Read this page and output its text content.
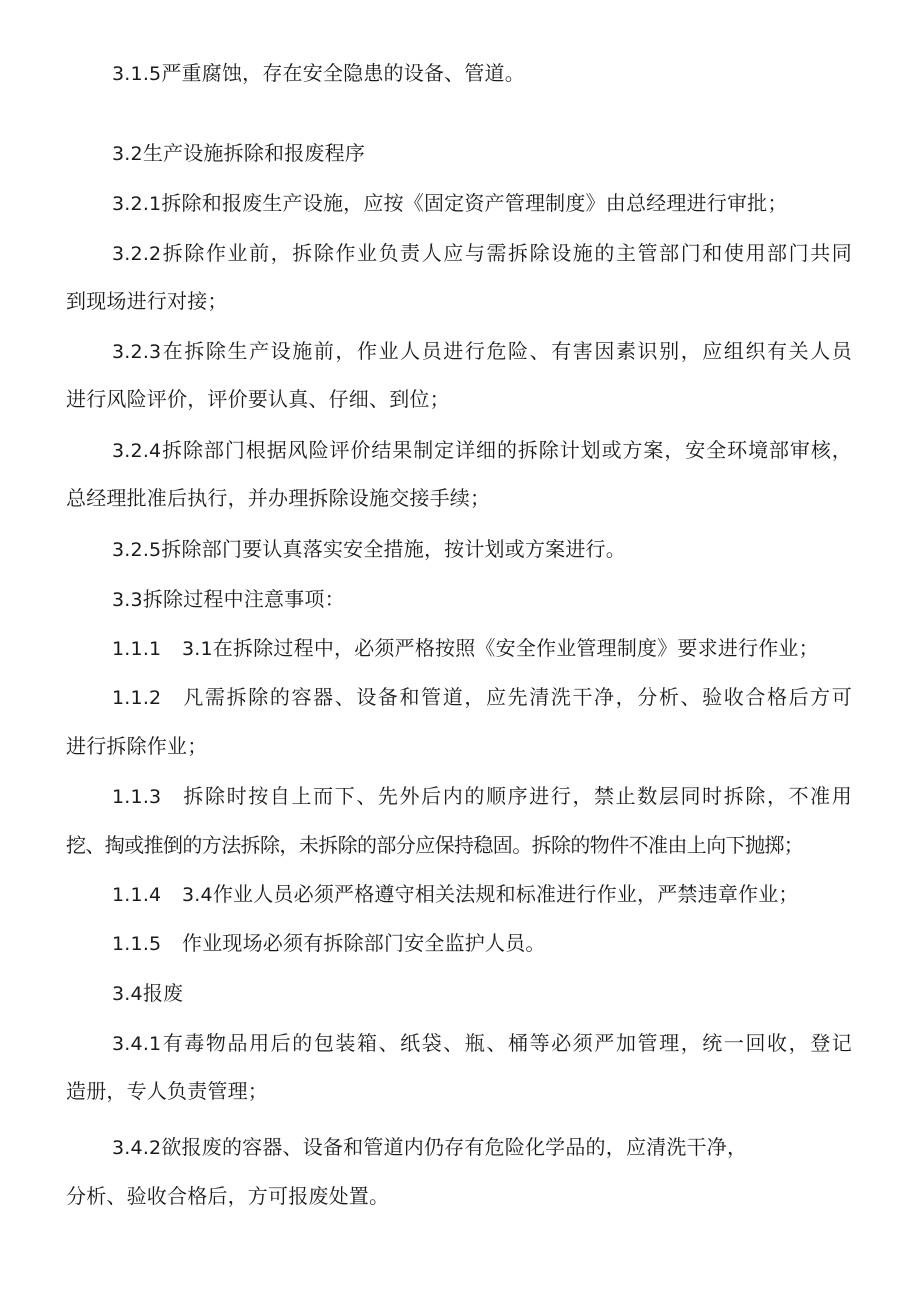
3.1.5严重腐蚀，存在安全隐患的设备、管道。
3.2生产设施拆除和报废程序
3.2.1拆除和报废生产设施，应按《固定资产管理制度》由总经理进行审批；
3.2.2拆除作业前，拆除作业负责人应与需拆除设施的主管部门和使用部门共同
到现场进行对接；
3.2.3在拆除生产设施前，作业人员进行危险、有害因素识别，应组织有关人员
进行风险评价，评价要认真、仔细、到位；
3.2.4拆除部门根据风险评价结果制定详细的拆除计划或方案，安全环境部审核，
总经理批准后执行，并办理拆除设施交接手续；
3.2.5拆除部门要认真落实安全措施，按计划或方案进行。
3.3拆除过程中注意事项：
1.1.1 3.1在拆除过程中，必须严格按照《安全作业管理制度》要求进行作业；
1.1.2 凡需拆除的容器、设备和管道，应先清洗干净，分析、验收合格后方可
进行拆除作业；
1.1.3 拆除时按自上而下、先外后内的顺序进行，禁止数层同时拆除，不准用
挖、掏或推倒的方法拆除，未拆除的部分应保持稳固。拆除的物件不准由上向下抛掷；
1.1.4 3.4作业人员必须严格遵守相关法规和标准进行作业，严禁违章作业；
1.1.5 作业现场必须有拆除部门安全监护人员。
3.4报废
3.4.1有毒物品用后的包装箱、纸袋、瓶、桶等必须严加管理，统一回收，登记
造册，专人负责管理；
3.4.2欲报废的容器、设备和管道内仍存有危险化学品的，应清洗干净，
分析、验收合格后，方可报废处置。
